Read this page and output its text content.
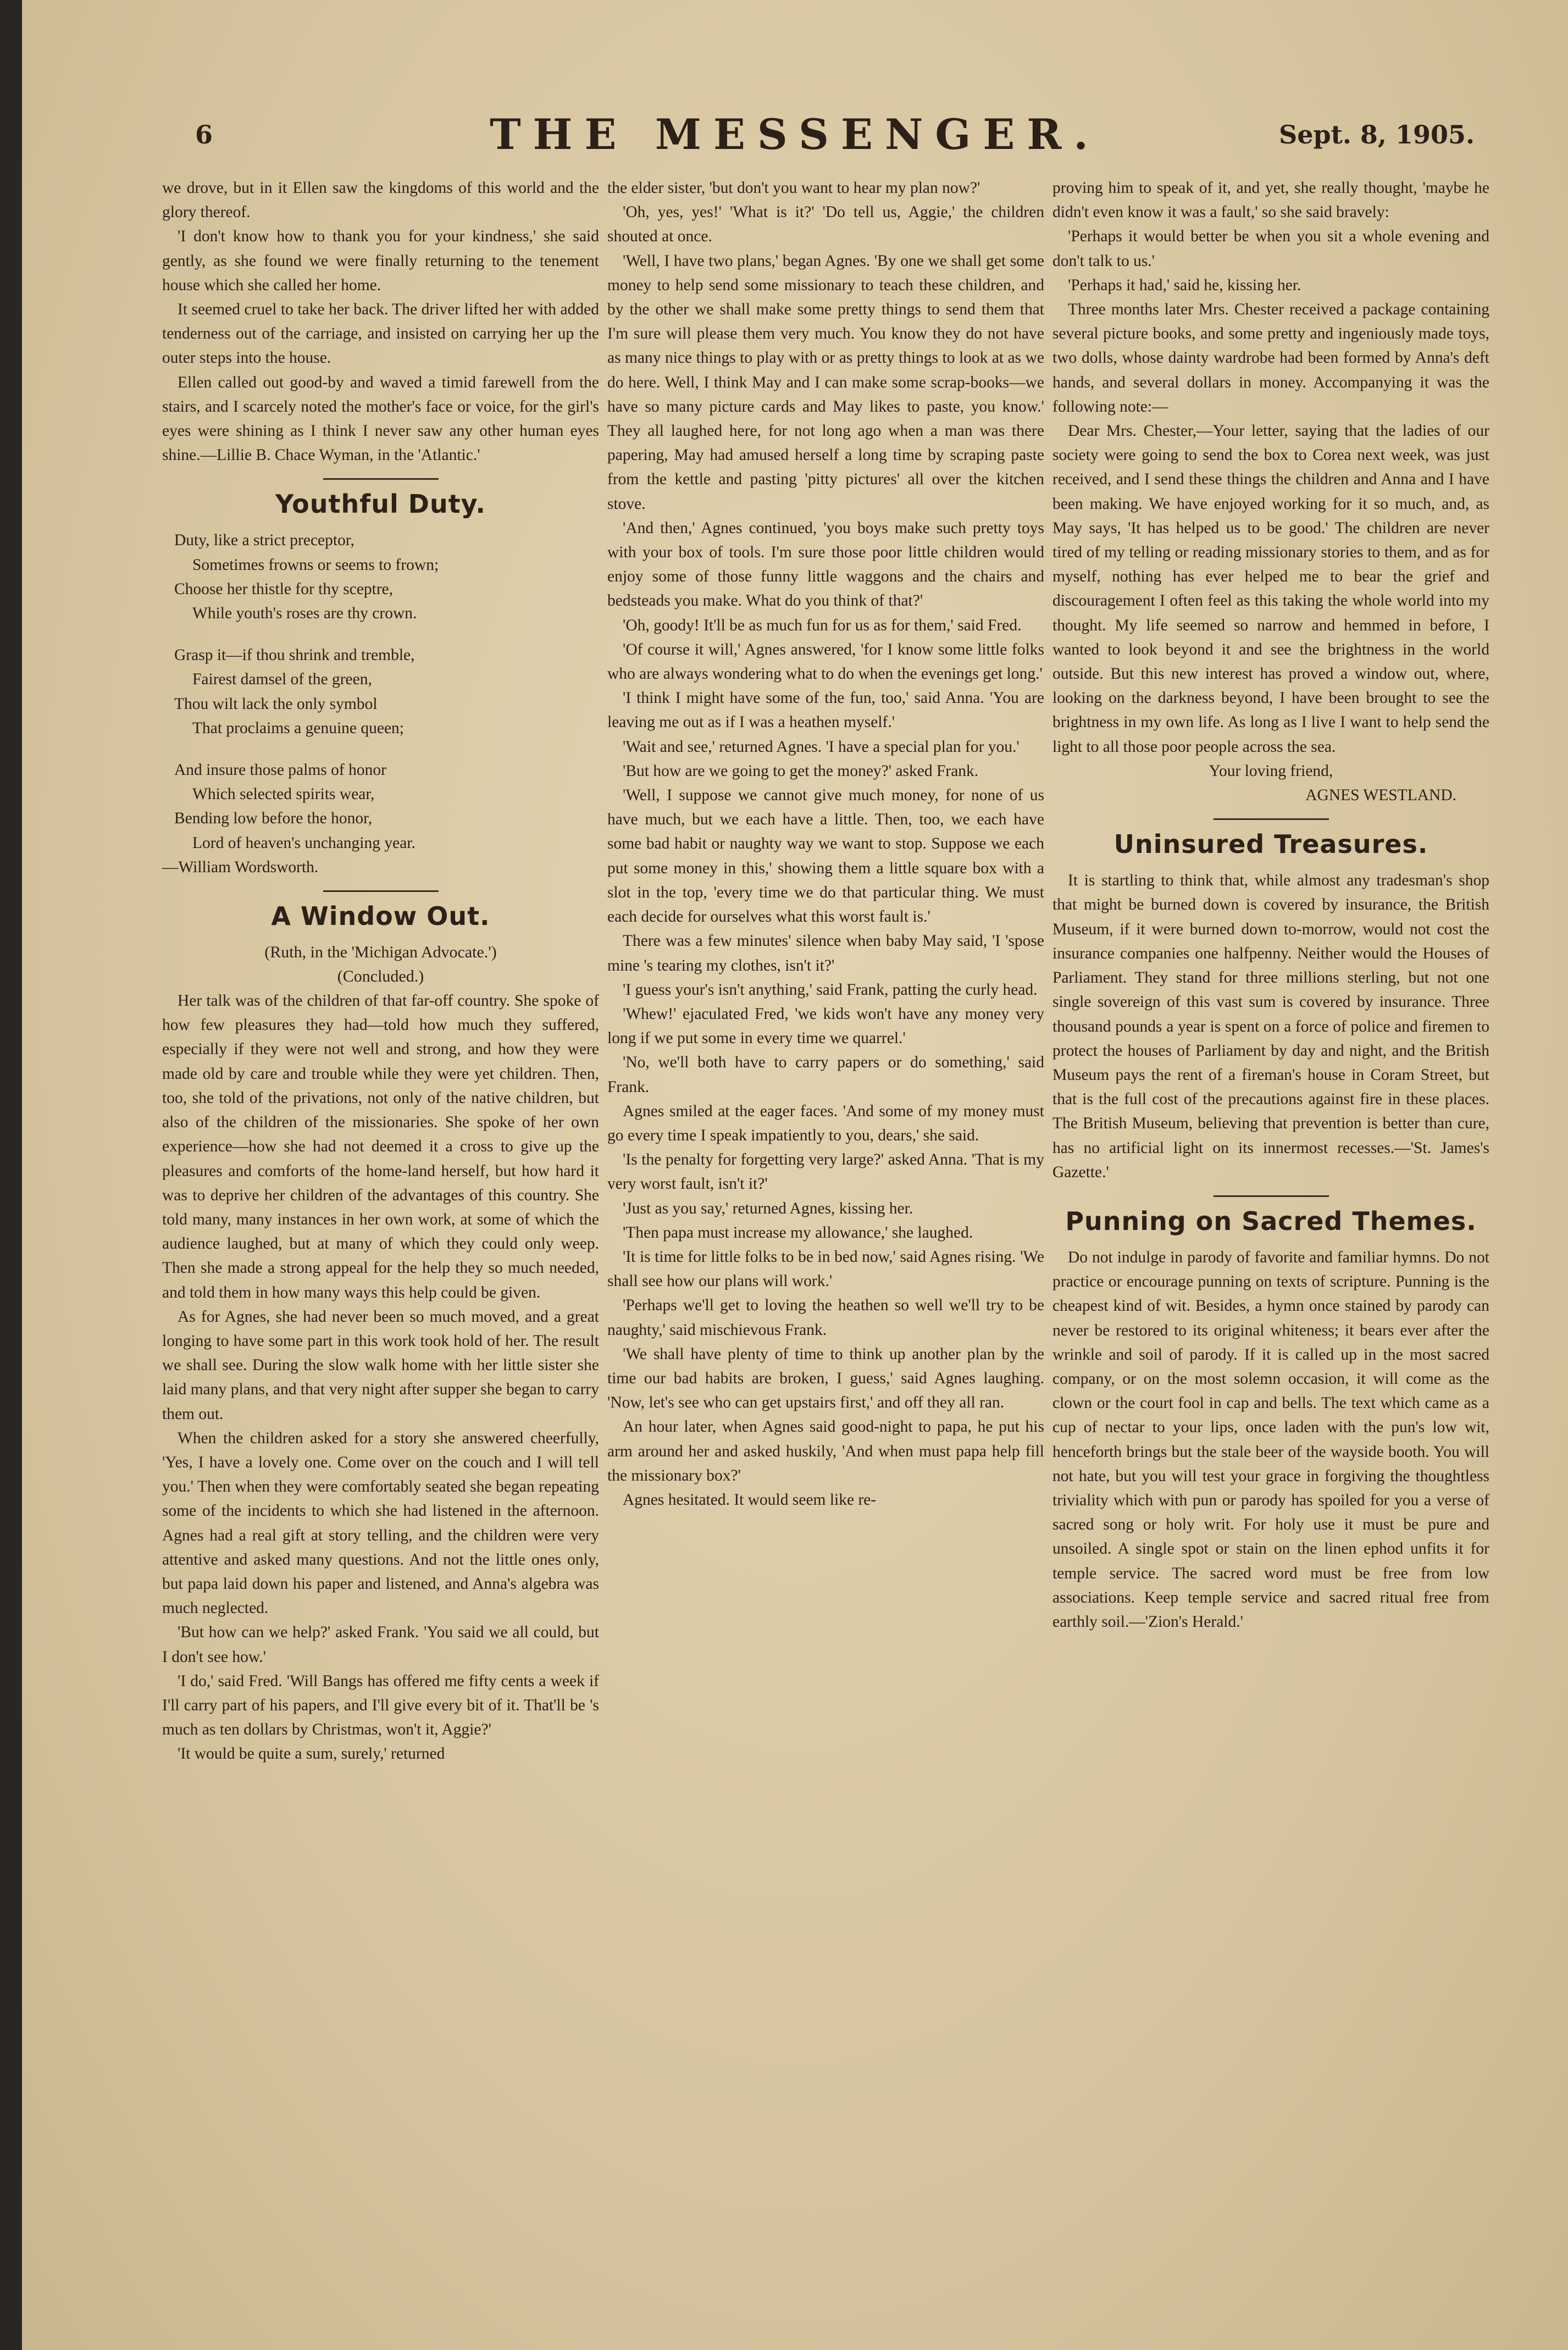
6	THE MESSENGER.	Sept. 8, 1905.

we drove, but in it Ellen saw the kingdoms of this world and the glory thereof.

'I don't know how to thank you for your kindness,' she said gently, as she found we were finally returning to the tenement house which she called her home.

It seemed cruel to take her back. The driver lifted her with added tenderness out of the carriage, and insisted on carrying her up the outer steps into the house.

Ellen called out good-by and waved a timid farewell from the stairs, and I scarcely noted the mother's face or voice, for the girl's eyes were shining as I think I never saw any other human eyes shine.—Lillie B. Chace Wyman, in the 'Atlantic.'

Youthful Duty.
Duty, like a strict preceptor,
Sometimes frowns or seems to frown;
Choose her thistle for thy sceptre,
While youth's roses are thy crown.
Grasp it—if thou shrink and tremble,
Fairest damsel of the green,
Thou wilt lack the only symbol
That proclaims a genuine queen;
And insure those palms of honor
Which selected spirits wear,
Bending low before the honor,
Lord of heaven's unchanging year.
—William Wordsworth.
A Window Out.
(Ruth, in the 'Michigan Advocate.')
(Concluded.)

Her talk was of the children of that far-off country. She spoke of how few pleasures they had—told how much they suffered, especially if they were not well and strong, and how they were made old by care and trouble while they were yet children. Then, too, she told of the privations, not only of the native children, but also of the children of the missionaries. She spoke of her own experience—how she had not deemed it a cross to give up the pleasures and comforts of the home-land herself, but how hard it was to deprive her children of the advantages of this country. She told many, many instances in her own work, at some of which the audience laughed, but at many of which they could only weep. Then she made a strong appeal for the help they so much needed, and told them in how many ways this help could be given.

As for Agnes, she had never been so much moved, and a great longing to have some part in this work took hold of her. The result we shall see. During the slow walk home with her little sister she laid many plans, and that very night after supper she began to carry them out.

When the children asked for a story she answered cheerfully, 'Yes, I have a lovely one. Come over on the couch and I will tell you.' Then when they were comfortably seated she began repeating some of the incidents to which she had listened in the afternoon. Agnes had a real gift at story telling, and the children were very attentive and asked many questions. And not the little ones only, but papa laid down his paper and listened, and Anna's algebra was much neglected.

'But how can we help?' asked Frank. 'You said we all could, but I don't see how.'

'I do,' said Fred. 'Will Bangs has offered me fifty cents a week if I'll carry part of his papers, and I'll give every bit of it. That'll be 's much as ten dollars by Christmas, won't it, Aggie?'

'It would be quite a sum, surely,' returned

the elder sister, 'but don't you want to hear my plan now?'

'Oh, yes, yes!' 'What is it?' 'Do tell us, Aggie,' the children shouted at once.

'Well, I have two plans,' began Agnes. 'By one we shall get some money to help send some missionary to teach these children, and by the other we shall make some pretty things to send them that I'm sure will please them very much. You know they do not have as many nice things to play with or as pretty things to look at as we do here. Well, I think May and I can make some scrap-books—we have so many picture cards and May likes to paste, you know.' They all laughed here, for not long ago when a man was there papering, May had amused herself a long time by scraping paste from the kettle and pasting 'pitty pictures' all over the kitchen stove.

'And then,' Agnes continued, 'you boys make such pretty toys with your box of tools. I'm sure those poor little children would enjoy some of those funny little waggons and the chairs and bedsteads you make. What do you think of that?'

'Oh, goody! It'll be as much fun for us as for them,' said Fred.

'Of course it will,' Agnes answered, 'for I know some little folks who are always wondering what to do when the evenings get long.'

'I think I might have some of the fun, too,' said Anna. 'You are leaving me out as if I was a heathen myself.'

'Wait and see,' returned Agnes. 'I have a special plan for you.'

'But how are we going to get the money?' asked Frank.

'Well, I suppose we cannot give much money, for none of us have much, but we each have a little. Then, too, we each have some bad habit or naughty way we want to stop. Suppose we each put some money in this,' showing them a little square box with a slot in the top, 'every time we do that particular thing. We must each decide for ourselves what this worst fault is.'

There was a few minutes' silence when baby May said, 'I 'spose mine 's tearing my clothes, isn't it?'

'I guess your's isn't anything,' said Frank, patting the curly head.

'Whew!' ejaculated Fred, 'we kids won't have any money very long if we put some in every time we quarrel.'

'No, we'll both have to carry papers or do something,' said Frank.

Agnes smiled at the eager faces. 'And some of my money must go every time I speak impatiently to you, dears,' she said.

'Is the penalty for forgetting very large?' asked Anna. 'That is my very worst fault, isn't it?'

'Just as you say,' returned Agnes, kissing her.

'Then papa must increase my allowance,' she laughed.

'It is time for little folks to be in bed now,' said Agnes rising. 'We shall see how our plans will work.'

'Perhaps we'll get to loving the heathen so well we'll try to be naughty,' said mischievous Frank.

'We shall have plenty of time to think up another plan by the time our bad habits are broken, I guess,' said Agnes laughing. 'Now, let's see who can get upstairs first,' and off they all ran.

An hour later, when Agnes said good-night to papa, he put his arm around her and asked huskily, 'And when must papa help fill the missionary box?'

Agnes hesitated. It would seem like re-

proving him to speak of it, and yet, she really thought, 'maybe he didn't even know it was a fault,' so she said bravely:

'Perhaps it would better be when you sit a whole evening and don't talk to us.'

'Perhaps it had,' said he, kissing her.

Three months later Mrs. Chester received a package containing several picture books, and some pretty and ingeniously made toys, two dolls, whose dainty wardrobe had been formed by Anna's deft hands, and several dollars in money. Accompanying it was the following note:—

Dear Mrs. Chester,—Your letter, saying that the ladies of our society were going to send the box to Corea next week, was just received, and I send these things the children and Anna and I have been making. We have enjoyed working for it so much, and, as May says, 'It has helped us to be good.' The children are never tired of my telling or reading missionary stories to them, and as for myself, nothing has ever helped me to bear the grief and discouragement I often feel as this taking the whole world into my thought. My life seemed so narrow and hemmed in before, I wanted to look beyond it and see the brightness in the world outside. But this new interest has proved a window out, where, looking on the darkness beyond, I have been brought to see the brightness in my own life. As long as I live I want to help send the light to all those poor people across the sea.

Your loving friend,

AGNES WESTLAND.

Uninsured Treasures.

It is startling to think that, while almost any tradesman's shop that might be burned down is covered by insurance, the British Museum, if it were burned down to-morrow, would not cost the insurance companies one halfpenny. Neither would the Houses of Parliament. They stand for three millions sterling, but not one single sovereign of this vast sum is covered by insurance. Three thousand pounds a year is spent on a force of police and firemen to protect the houses of Parliament by day and night, and the British Museum pays the rent of a fireman's house in Coram Street, but that is the full cost of the precautions against fire in these places. The British Museum, believing that prevention is better than cure, has no artificial light on its innermost recesses.—'St. James's Gazette.'

Punning on Sacred Themes.

Do not indulge in parody of favorite and familiar hymns. Do not practice or encourage punning on texts of scripture. Punning is the cheapest kind of wit. Besides, a hymn once stained by parody can never be restored to its original whiteness; it bears ever after the wrinkle and soil of parody. If it is called up in the most sacred company, or on the most solemn occasion, it will come as the clown or the court fool in cap and bells. The text which came as a cup of nectar to your lips, once laden with the pun's low wit, henceforth brings but the stale beer of the wayside booth. You will not hate, but you will test your grace in forgiving the thoughtless triviality which with pun or parody has spoiled for you a verse of sacred song or holy writ. For holy use it must be pure and unsoiled. A single spot or stain on the linen ephod unfits it for temple service. The sacred word must be free from low associations. Keep temple service and sacred ritual free from earthly soil.—'Zion's Herald.'
